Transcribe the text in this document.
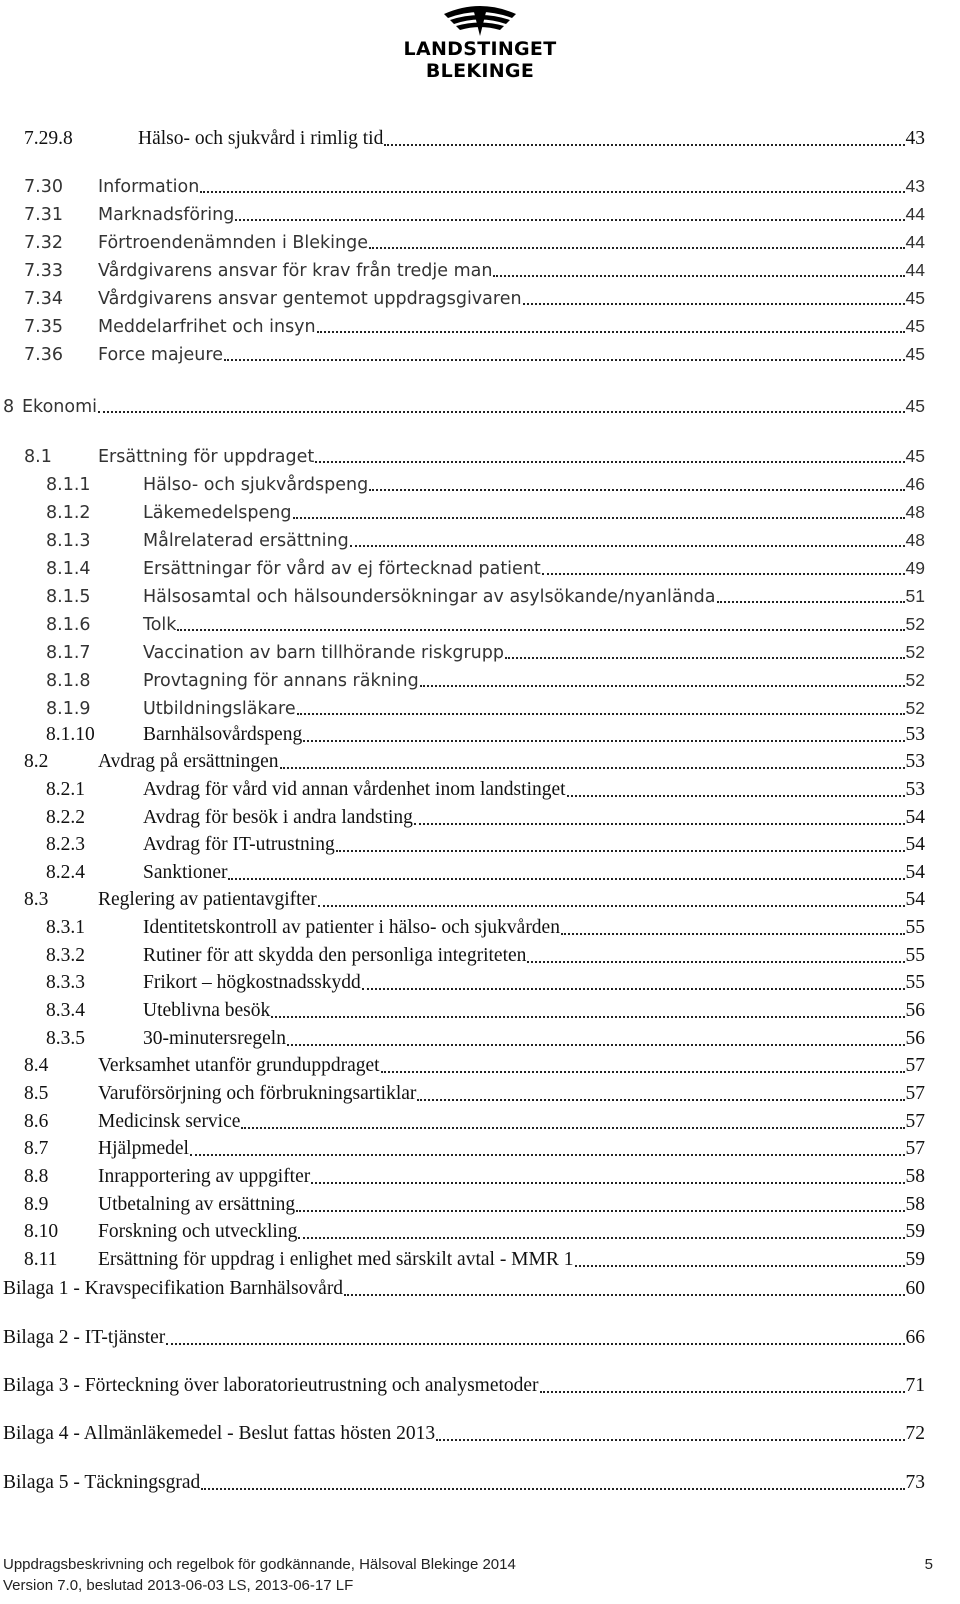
LANDSTINGET BLEKINGE
7.29.8	Hälso- och sjukvård i rimlig tid	43
7.30	Information	43
7.31	Marknadsföring	44
7.32	Förtroendenämnden i Blekinge	44
7.33	Vårdgivarens ansvar för krav från tredje man	44
7.34	Vårdgivarens ansvar gentemot uppdragsgivaren	45
7.35	Meddelarfrihet och insyn	45
7.36	Force majeure	45
8 Ekonomi	45
8.1	Ersättning för uppdraget	45
8.1.1	Hälso- och sjukvårdspeng	46
8.1.2	Läkemedelspeng	48
8.1.3	Målrelaterad ersättning	48
8.1.4	Ersättningar för vård av ej förtecknad patient	49
8.1.5	Hälsosamtal och hälsoundersökningar av asylsökande/nyanlända	51
8.1.6	Tolk	52
8.1.7	Vaccination av barn tillhörande riskgrupp	52
8.1.8	Provtagning för annans räkning	52
8.1.9	Utbildningsläkare	52
8.1.10	Barnhälsovårdspeng	53
8.2	Avdrag på ersättningen	53
8.2.1	Avdrag för vård vid annan vårdenhet inom landstinget	53
8.2.2	Avdrag för besök i andra landsting	54
8.2.3	Avdrag för IT-utrustning	54
8.2.4	Sanktioner	54
8.3	Reglering av patientavgifter	54
8.3.1	Identitetskontroll av patienter i hälso- och sjukvården	55
8.3.2	Rutiner för att skydda den personliga integriteten	55
8.3.3	Frikort – högkostnadsskydd	55
8.3.4	Uteblivna besök	56
8.3.5	30-minutersregeln	56
8.4	Verksamhet utanför grunduppdraget	57
8.5	Varuförsörjning och förbrukningsartiklar	57
8.6	Medicinsk service	57
8.7	Hjälpmedel	57
8.8	Inrapportering av uppgifter	58
8.9	Utbetalning av ersättning	58
8.10	Forskning och utveckling	59
8.11	Ersättning för uppdrag i enlighet med särskilt avtal - MMR 1	59
Bilaga 1 - Kravspecifikation Barnhälsovård	60
Bilaga 2 - IT-tjänster	66
Bilaga 3 - Förteckning över laboratorieutrustning och analysmetoder	71
Bilaga 4 - Allmänläkemedel - Beslut fattas hösten 2013	72
Bilaga 5 - Täckningsgrad	73
Uppdragsbeskrivning och regelbok för godkännande, Hälsoval Blekinge 2014
Version 7.0, beslutad 2013-06-03 LS, 2013-06-17 LF
5
